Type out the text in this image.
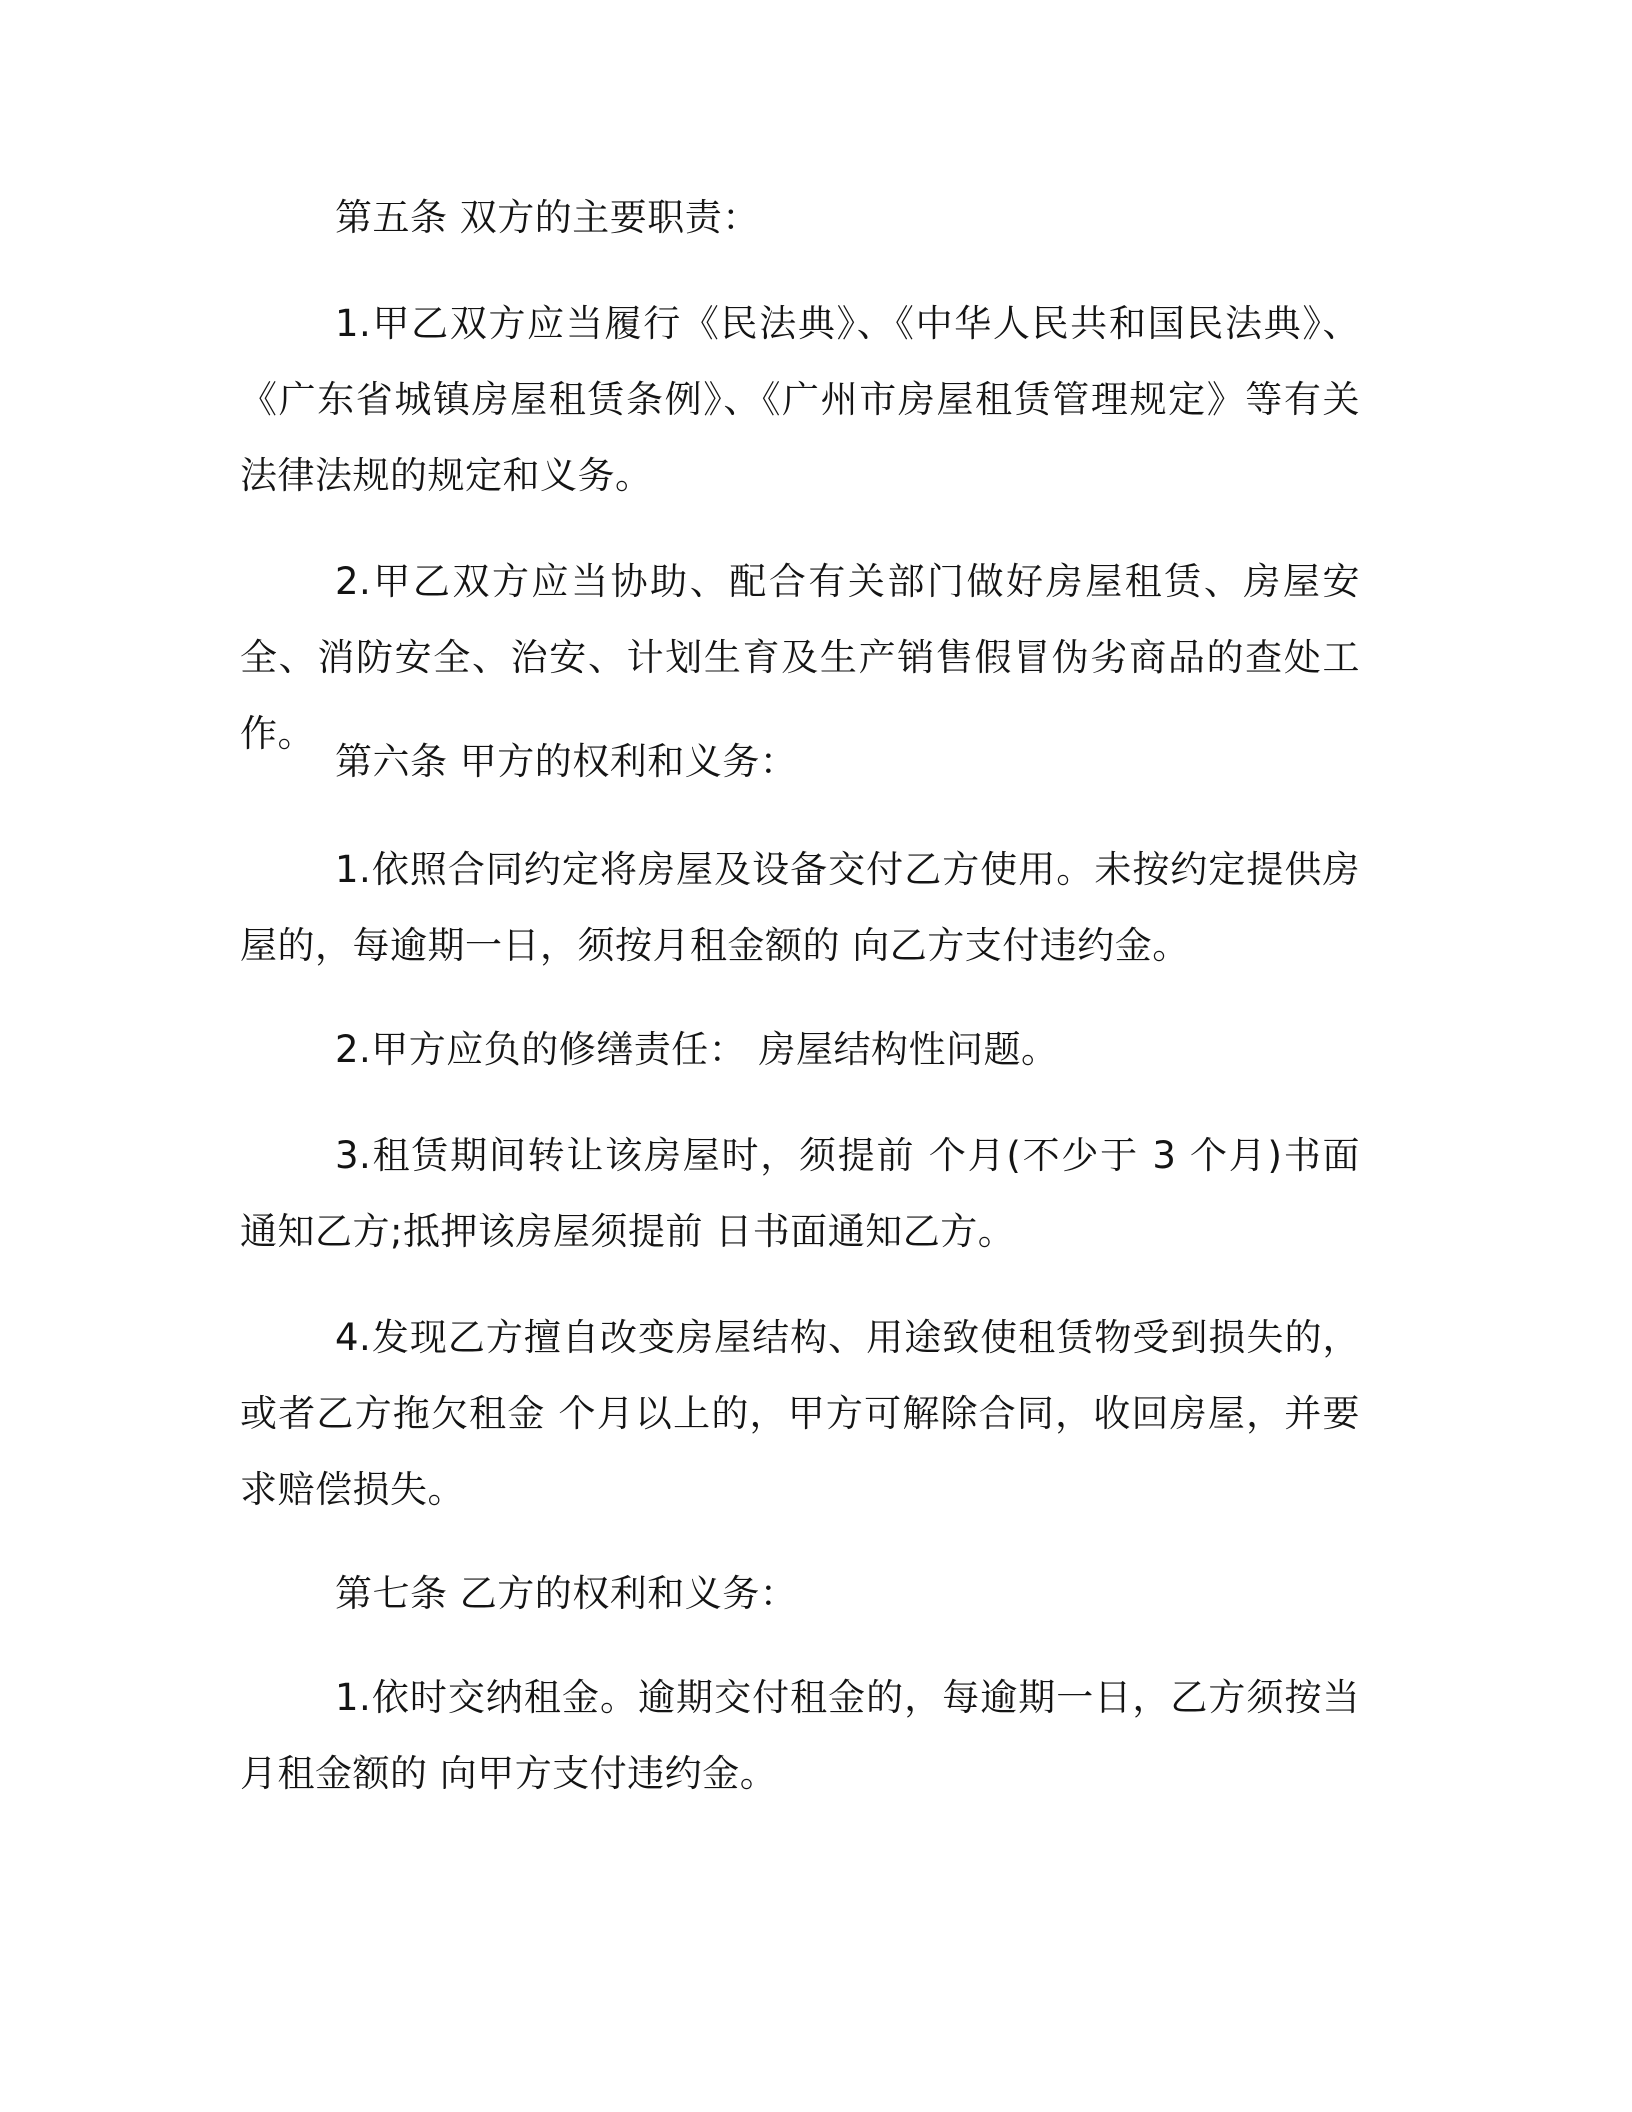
第五条 双方的主要职责：

1.甲乙双方应当履行《民法典》、《中华人民共和国民法典》、《广东省城镇房屋租赁条例》、《广州市房屋租赁管理规定》等有关法律法规的规定和义务。

2.甲乙双方应当协助、配合有关部门做好房屋租赁、房屋安全、消防安全、治安、计划生育及生产销售假冒伪劣商品的查处工作。

第六条 甲方的权利和义务：

1.依照合同约定将房屋及设备交付乙方使用。未按约定提供房屋的，每逾期一日，须按月租金额的 向乙方支付违约金。

2.甲方应负的修缮责任： 房屋结构性问题。

3.租赁期间转让该房屋时，须提前 个月(不少于 3 个月)书面通知乙方;抵押该房屋须提前 日书面通知乙方。

4.发现乙方擅自改变房屋结构、用途致使租赁物受到损失的，或者乙方拖欠租金 个月以上的，甲方可解除合同，收回房屋，并要求赔偿损失。

第七条 乙方的权利和义务：

1.依时交纳租金。逾期交付租金的，每逾期一日，乙方须按当月租金额的 向甲方支付违约金。
